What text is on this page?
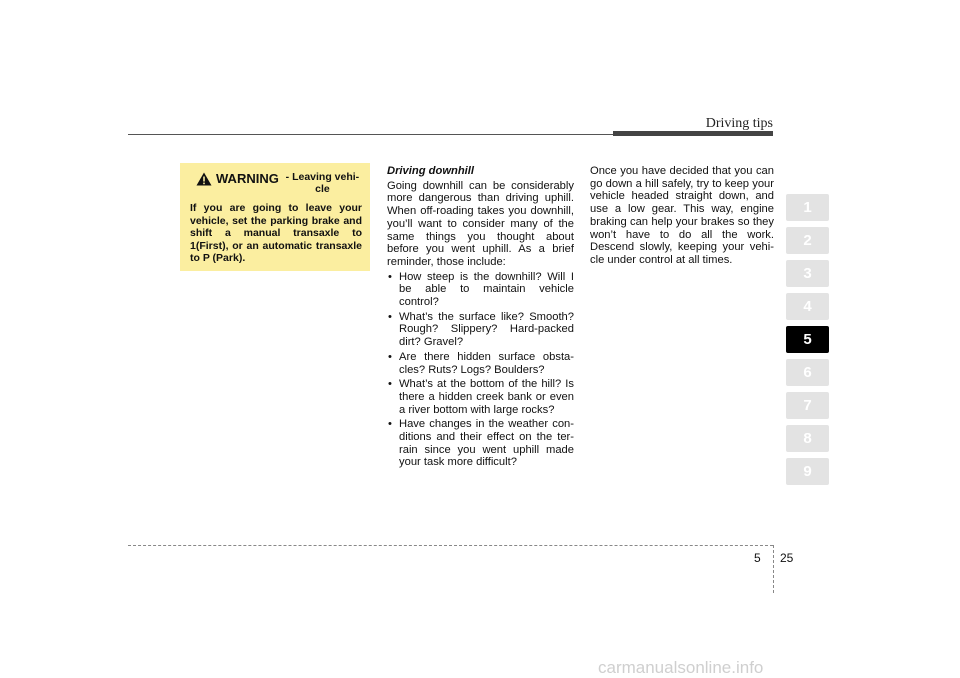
Driving tips
WARNING - Leaving vehi-cle
If you are going to leave your vehicle, set the parking brake and shift a manual transaxle to 1(First), or an automatic transaxle to P (Park).
Driving downhill

Going downhill can be considerably more dangerous than driving uphill. When off-roading takes you downhill, you’ll want to consider many of the same things you thought about before you went uphill. As a brief reminder, those include:

• How steep is the downhill? Will I be able to maintain vehicle control?
• What’s the surface like? Smooth? Rough? Slippery? Hard-packed dirt? Gravel?
• Are there hidden surface obsta-cles? Ruts? Logs? Boulders?
• What’s at the bottom of the hill? Is there a hidden creek bank or even a river bottom with large rocks?
• Have changes in the weather con-ditions and their effect on the ter-rain since you went uphill made your task more difficult?

Once you have decided that you can go down a hill safely, try to keep your vehicle headed straight down, and use a low gear. This way, engine braking can help your brakes so they won’t have to do all the work. Descend slowly, keeping your vehi-cle under control at all times.

1
2
3
4
5
6
7
8
9
5 25
carmanualsonline.info
